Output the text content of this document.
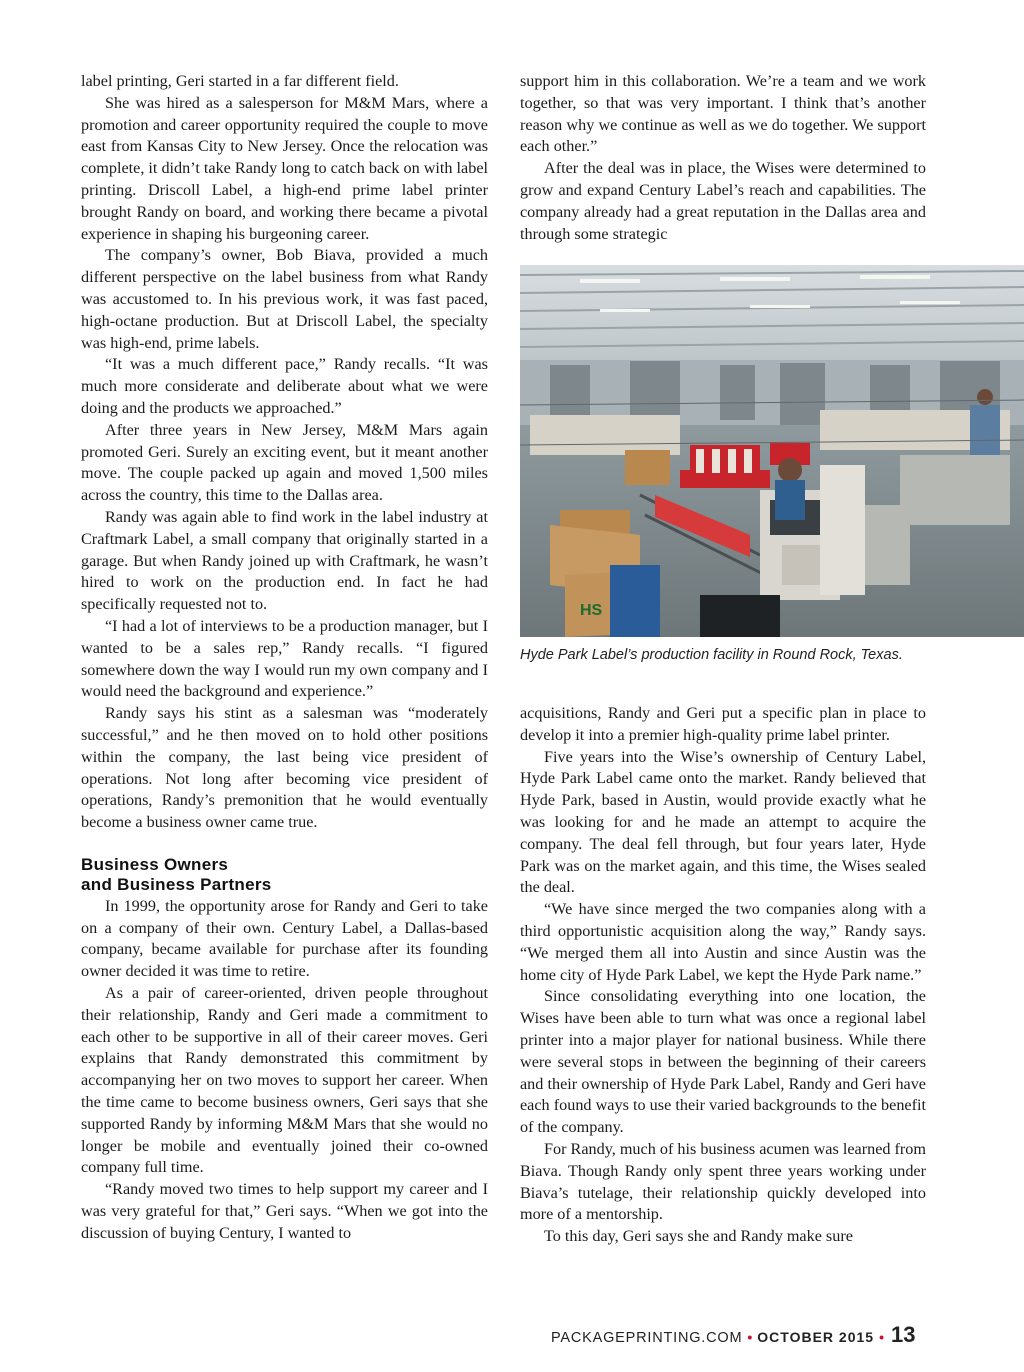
label printing, Geri started in a far different field.

She was hired as a salesperson for M&M Mars, where a promotion and career opportunity required the couple to move east from Kansas City to New Jersey. Once the relocation was complete, it didn’t take Randy long to catch back on with label printing. Driscoll Label, a high-end prime label printer brought Randy on board, and working there became a pivotal experience in shaping his burgeoning career.

The company’s owner, Bob Biava, provided a much different perspective on the label business from what Randy was accustomed to. In his previous work, it was fast paced, high-octane production. But at Driscoll Label, the specialty was high-end, prime labels.

“It was a much different pace,” Randy recalls. “It was much more considerate and deliberate about what we were doing and the products we approached.”

After three years in New Jersey, M&M Mars again promoted Geri. Surely an exciting event, but it meant another move. The couple packed up again and moved 1,500 miles across the country, this time to the Dallas area.

Randy was again able to find work in the label industry at Craftmark Label, a small company that originally started in a garage. But when Randy joined up with Craftmark, he wasn’t hired to work on the production end. In fact he had specifically requested not to.

“I had a lot of interviews to be a production manager, but I wanted to be a sales rep,” Randy recalls. “I figured somewhere down the way I would run my own company and I would need the background and experience.”

Randy says his stint as a salesman was “moderately successful,” and he then moved on to hold other positions within the company, the last being vice president of operations. Not long after becoming vice president of operations, Randy’s premonition that he would eventually become a business owner came true.

Business Owners
and Business Partners

In 1999, the opportunity arose for Randy and Geri to take on a company of their own. Century Label, a Dallas-based company, became available for purchase after its founding owner decided it was time to retire.

As a pair of career-oriented, driven people throughout their relationship, Randy and Geri made a commitment to each other to be supportive in all of their career moves. Geri explains that Randy demonstrated this commitment by accompanying her on two moves to support her career. When the time came to become business owners, Geri says that she supported Randy by informing M&M Mars that she would no longer be mobile and eventually joined their co-owned company full time.

“Randy moved two times to help support my career and I was very grateful for that,” Geri says. “When we got into the discussion of buying Century, I wanted to

support him in this collaboration. We’re a team and we work together, so that was very important. I think that’s another reason why we continue as well as we do together. We support each other.”

After the deal was in place, the Wises were determined to grow and expand Century Label’s reach and capabilities. The company already had a great reputation in the Dallas area and through some strategic

HS
Hyde Park Label’s production facility in Round Rock, Texas.

acquisitions, Randy and Geri put a specific plan in place to develop it into a premier high-quality prime label printer.

Five years into the Wise’s ownership of Century Label, Hyde Park Label came onto the market. Randy believed that Hyde Park, based in Austin, would provide exactly what he was looking for and he made an attempt to acquire the company. The deal fell through, but four years later, Hyde Park was on the market again, and this time, the Wises sealed the deal.

“We have since merged the two companies along with a third opportunistic acquisition along the way,” Randy says. “We merged them all into Austin and since Austin was the home city of Hyde Park Label, we kept the Hyde Park name.”

Since consolidating everything into one location, the Wises have been able to turn what was once a regional label printer into a major player for national business. While there were several stops in between the beginning of their careers and their ownership of Hyde Park Label, Randy and Geri have each found ways to use their varied backgrounds to the benefit of the company.

For Randy, much of his business acumen was learned from Biava. Though Randy only spent three years working under Biava’s tutelage, their relationship quickly developed into more of a mentorship.

To this day, Geri says she and Randy make sure

PACKAGEPRINTING.COM • OCTOBER 2015 • 13
